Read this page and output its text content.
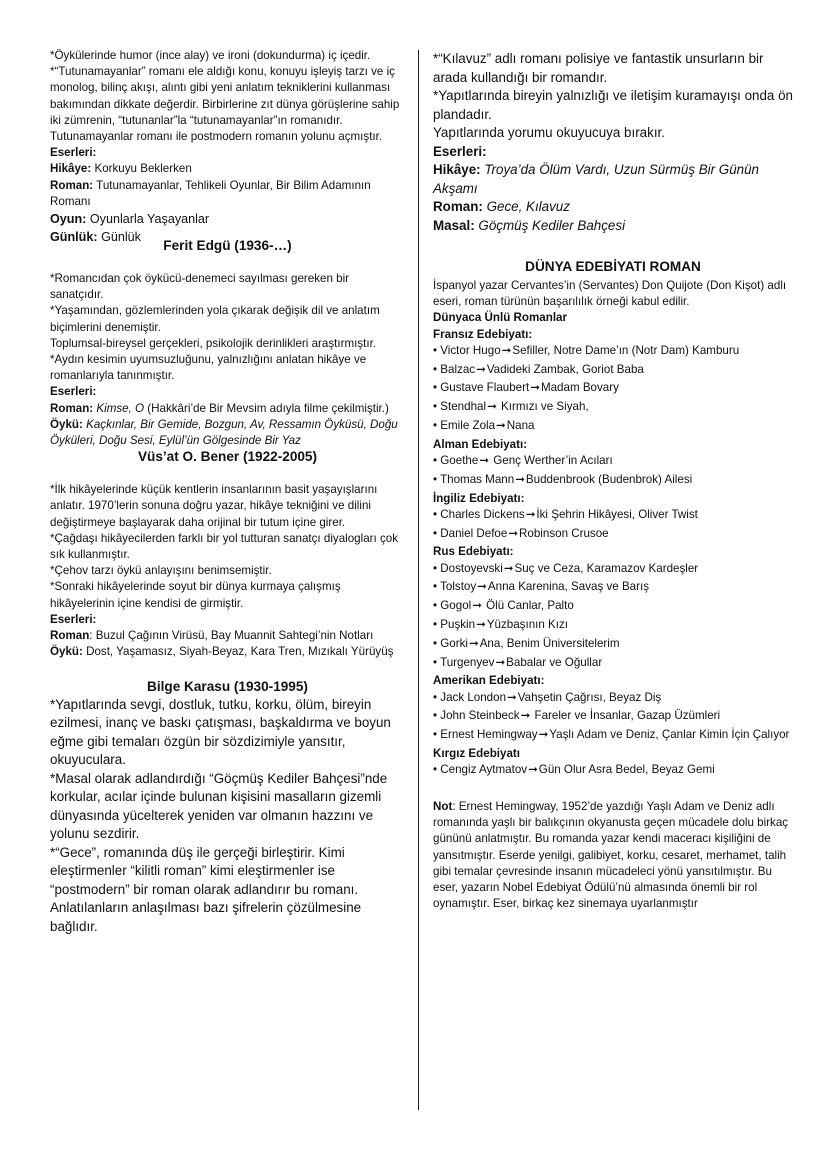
*Öykülerinde humor (ince alay) ve ironi (dokundurma) iç içedir.

*“Tutunamayanlar” romanı ele aldığı konu, konuyu işleyiş tarzı ve iç monolog, bilinç akışı, alıntı gibi yeni anlatım tekniklerini kullanması bakımından dikkate değerdir. Birbirlerine zıt dünya görüşlerine sahip iki zümrenin, “tutunanlar”la “tutunamayanlar”ın romanıdır.

Tutunamayanlar romanı ile postmodern romanın yolunu açmıştır.

Eserleri:

Hikâye: Korkuyu Beklerken

Roman: Tutunamayanlar, Tehlikeli Oyunlar, Bir Bilim Adamının Romanı

Oyun: Oyunlarla Yaşayanlar

Günlük: Günlük

Ferit Edgü (1936-…)

*Romancıdan çok öykücü-denemeci sayılması gereken bir sanatçıdır.

*Yaşamından, gözlemlerinden yola çıkarak değişik dil ve anlatım biçimlerini denemiştir.

Toplumsal-bireysel gerçekleri, psikolojik derinlikleri araştırmıştır.

*Aydın kesimin uyumsuzluğunu, yalnızlığını anlatan hikâye ve romanlarıyla tanınmıştır.

Eserleri:

Roman: Kimse, O (Hakkâri’de Bir Mevsim adıyla filme çekilmiştir.)

Öykü: Kaçkınlar, Bir Gemide, Bozgun, Av, Ressamın Öyküsü, Doğu Öyküleri, Doğu Sesi, Eylül’ün Gölgesinde Bir Yaz

Vüs’at O. Bener (1922-2005)

*İlk hikâyelerinde küçük kentlerin insanlarının basit yaşayışlarını anlatır. 1970’lerin sonuna doğru yazar, hikâye tekniğini ve dilini değiştirmeye başlayarak daha orijinal bir tutum içine girer.

*Çağdaşı hikâyecilerden farklı bir yol tutturan sanatçı diyalogları çok sık kullanmıştır.

*Çehov tarzı öykü anlayışını benimsemiştir.

*Sonraki hikâyelerinde soyut bir dünya kurmaya çalışmış hikâyelerinin içine kendisi de girmiştir.

Eserleri:

Roman: Buzul Çağının Virüsü, Bay Muannit Sahtegi’nin Notları

Öykü: Dost, Yaşamasız, Siyah-Beyaz, Kara Tren, Mızıkalı Yürüyüş

Bilge Karasu (1930-1995)

*Yapıtlarında sevgi, dostluk, tutku, korku, ölüm, bireyin ezilmesi, inanç ve baskı çatışması, başkaldırma ve boyun eğme gibi temaları özgün bir sözdizimiyle yansıtır, okuyuculara.

*Masal olarak adlandırdığı “Göçmüş Kediler Bahçesi”nde korkular, acılar içinde bulunan kişisini masalların gizemli dünyasında yücelterek yeniden var olmanın hazzını ve yolunu sezdirir.

*“Gece”, romanında düş ile gerçeği birleştirir. Kimi eleştirmenler “kilitli roman” kimi eleştirmenler ise “postmodern” bir roman olarak adlandırır bu romanı. Anlatılanların anlaşılması bazı şifrelerin çözülmesine bağlıdır.

*“Kılavuz” adlı romanı polisiye ve fantastik unsurların bir arada kullandığı bir romandır.

*Yapıtlarında bireyin yalnızlığı ve iletişim kuramayışı onda ön plandadır.

Yapıtlarında yorumu okuyucuya bırakır.

Eserleri:

Hikâye: Troya’da Ölüm Vardı, Uzun Sürmüş Bir Günün Akşamı

Roman: Gece, Kılavuz

Masal: Göçmüş Kediler Bahçesi

DÜNYA EDEBİYATI ROMAN

İspanyol yazar Cervantes’in (Servantes) Don Quijote (Don Kişot) adlı eseri, roman türünün başarılılık örneği kabul edilir.

Dünyaca Ünlü Romanlar

Fransız Edebiyatı:

• Victor Hugo➞Sefiller, Notre Dame’ın (Notr Dam) Kamburu

• Balzac➞Vadideki Zambak, Goriot Baba

• Gustave Flaubert➞Madam Bovary

• Stendhal➞ Kırmızı ve Siyah,

• Emile Zola➞Nana

Alman Edebiyatı:

• Goethe➞ Genç Werther’in Acıları

• Thomas Mann➞Buddenbrook (Budenbrok) Ailesi

İngiliz Edebiyatı:

• Charles Dickens➞İki Şehrin Hikâyesi, Oliver Twist

• Daniel Defoe➞Robinson Crusoe

Rus Edebiyatı:

• Dostoyevski➞Suç ve Ceza, Karamazov Kardeşler

• Tolstoy➞Anna Karenina, Savaş ve Barış

• Gogol➞ Ölü Canlar, Palto

• Puşkin➞Yüzbaşının Kızı

• Gorki➞Ana, Benim Üniversitelerim

• Turgenyev➞Babalar ve Oğullar

Amerikan Edebiyatı:

• Jack London➞Vahşetin Çağrısı, Beyaz Diş

• John Steinbeck➞ Fareler ve İnsanlar, Gazap Üzümleri

• Ernest Hemingway➞Yaşlı Adam ve Deniz, Çanlar Kimin İçin Çalıyor

Kırgız Edebiyatı

• Cengiz Aytmatov➞Gün Olur Asra Bedel, Beyaz Gemi

Not: Ernest Hemingway, 1952’de yazdığı Yaşlı Adam ve Deniz adlı romanında yaşlı bir balıkçının okyanusta geçen mücadele dolu birkaç gününü anlatmıştır. Bu romanda yazar kendi maceracı kişiliğini de yansıtmıştır. Eserde yenilgi, galibiyet, korku, cesaret, merhamet, talih gibi temalar çevresinde insanın mücadeleci yönü yansıtılmıştır. Bu eser, yazarın Nobel Edebiyat Ödülü’nü almasında önemli bir rol oynamıştır. Eser, birkaç kez sinemaya uyarlanmıştır
